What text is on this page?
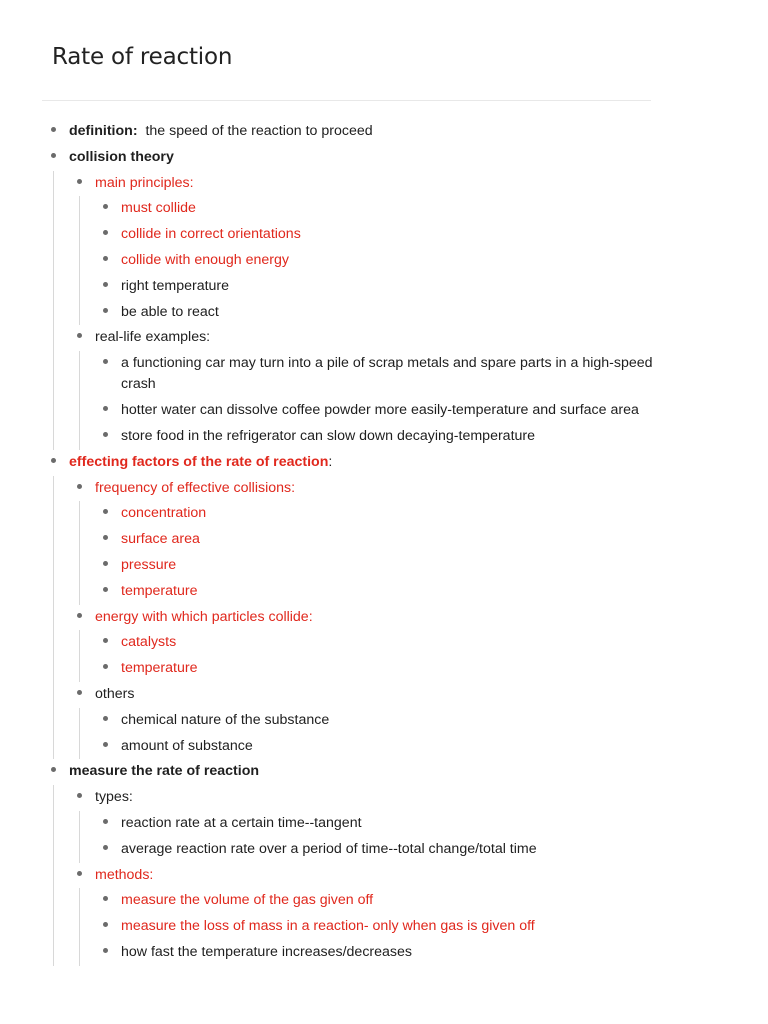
Rate of reaction
definition: the speed of the reaction to proceed
collision theory
main principles:
must collide
collide in correct orientations
collide with enough energy
right temperature
be able to react
real-life examples:
a functioning car may turn into a pile of scrap metals and spare parts in a high-speed crash
hotter water can dissolve coffee powder more easily-temperature and surface area
store food in the refrigerator can slow down decaying-temperature
effecting factors of the rate of reaction:
frequency of effective collisions:
concentration
surface area
pressure
temperature
energy with which particles collide:
catalysts
temperature
others
chemical nature of the substance
amount of substance
measure the rate of reaction
types:
reaction rate at a certain time--tangent
average reaction rate over a period of time--total change/total time
methods:
measure the volume of the gas given off
measure the loss of mass in a reaction- only when gas is given off
how fast the temperature increases/decreases
